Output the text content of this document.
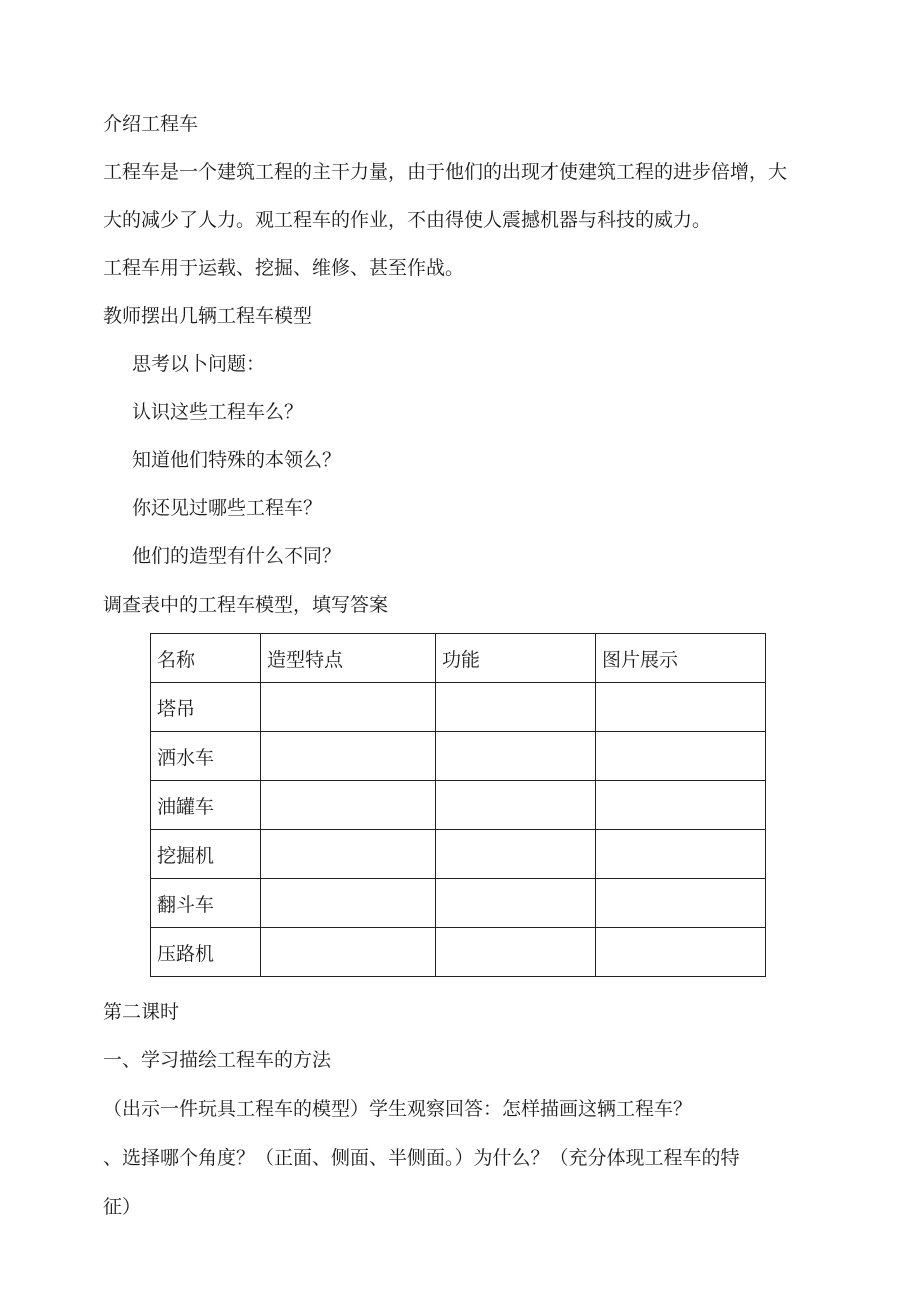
介绍工程车
工程车是一个建筑工程的主干力量，由于他们的出现才使建筑工程的进步倍增，大
大的减少了人力。观工程车的作业，不由得使人震撼机器与科技的威力。
工程车用于运载、挖掘、维修、甚至作战。
教师摆出几辆工程车模型
思考以卜问题：
认识这些工程车么？
知道他们特殊的本领么？
你还见过哪些工程车？
他们的造型有什么不同？
调查表中的工程车模型，填写答案
名称	造型特点	功能	图片展示
塔吊			
洒水车			
油罐车			
挖掘机			
翻斗车			
压路机			
第二课时
一、学习描绘工程车的方法
（出示一件玩具工程车的模型）学生观察回答：怎样描画这辆工程车？
、选择哪个角度？（正面、侧面、半侧面。）为什么？（充分体现工程车的特
征）
